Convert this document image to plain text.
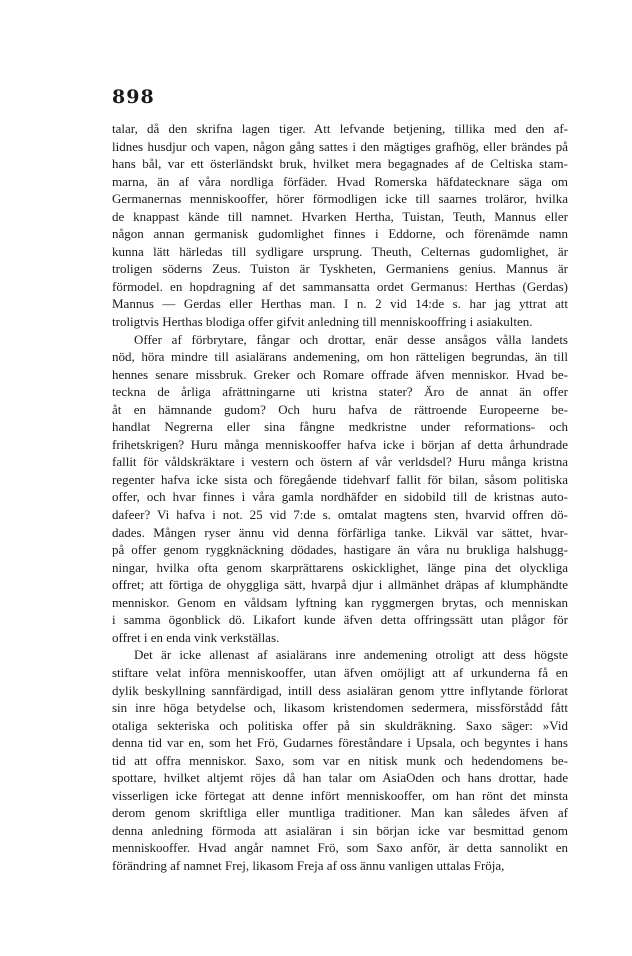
898

talar, då den skrifna lagen tiger. Att lefvande betjening, tillika med den af-
lidnes husdjur och vapen, någon gång sattes i den mägtiges grafhög, eller brändes på
hans bål, var ett österländskt bruk, hvilket mera begagnades af de Celtiska stam-
marna, än af våra nordliga förfäder. Hvad Romerska häfdatecknare säga om
Germanernas menniskooffer, hörer förmodligen icke till saarnes troläror, hvilka
de knappast kände till namnet. Hvarken Hertha, Tuistan, Teuth, Mannus eller
någon annan germanisk gudomlighet finnes i Eddorne, och förenämde namn
kunna lätt härledas till sydligare ursprung. Theuth, Celternas gudomlighet, är
troligen söderns Zeus. Tuiston är Tyskheten, Germaniens genius. Mannus är
förmodel. en hopdragning af det sammansatta ordet Germanus: Herthas (Gerdas)
Mannus — Gerdas eller Herthas man. I n. 2 vid 14:de s. har jag yttrat att
troligtvis Herthas blodiga offer gifvit anledning till menniskooffring i asiakulten.

Offer af förbrytare, fångar och drottar, enär desse ansågos vålla landets
nöd, höra mindre till asialärans andemening, om hon rätteligen begrundas, än till
hennes senare missbruk. Greker och Romare offrade äfven menniskor. Hvad be-
teckna de årliga afrättningarne uti kristna stater? Äro de annat än offer
åt en hämnande gudom? Och huru hafva de rättroende Europeerne be-
handlat Negrerna eller sina fångne medkristne under reformations- och
frihetskrigen? Huru många menniskooffer hafva icke i början af detta århundrade
fallit för våldskräktare i vestern och östern af vår verldsdel? Huru många kristna
regenter hafva icke sista och föregående tidehvarf fallit för bilan, såsom politiska
offer, och hvar finnes i våra gamla nordhäfder en sidobild till de kristnas auto-
dafeer? Vi hafva i not. 25 vid 7:de s. omtalat magtens sten, hvarvid offren dö-
dades. Mången ryser ännu vid denna förfärliga tanke. Likväl var sättet, hvar-
på offer genom ryggknäckning dödades, hastigare än våra nu brukliga halshugg-
ningar, hvilka ofta genom skarprättarens oskicklighet, länge pina det olyckliga
offret; att förtiga de ohyggliga sätt, hvarpå djur i allmänhet dräpas af klumphändte
menniskor. Genom en våldsam lyftning kan ryggmergen brytas, och menniskan
i samma ögonblick dö. Likafort kunde äfven detta offringssätt utan plågor för
offret i en enda vink verkställas.

Det är icke allenast af asialärans inre andemening otroligt att dess högste
stiftare velat införa menniskooffer, utan äfven omöjligt att af urkunderna få en
dylik beskyllning sannfärdigad, intill dess asialäran genom yttre inflytande förlorat
sin inre höga betydelse och, likasom kristendomen sedermera, missförstådd fått
otaliga sekteriska och politiska offer på sin skuldräkning. Saxo säger: »Vid
denna tid var en, som het Frö, Gudarnes föreståndare i Upsala, och begyntes i hans
tid att offra menniskor. Saxo, som var en nitisk munk och hedendomens be-
spottare, hvilket altjemt röjes då han talar om AsiaOden och hans drottar, hade
visserligen icke förtegat att denne infört menniskooffer, om han rönt det minsta
derom genom skriftliga eller muntliga traditioner. Man kan således äfven af
denna anledning förmoda att asialäran i sin början icke var besmittad genom
menniskooffer. Hvad angår namnet Frö, som Saxo anför, är detta sannolikt en
förändring af namnet Frej, likasom Freja af oss ännu vanligen uttalas Fröja,
